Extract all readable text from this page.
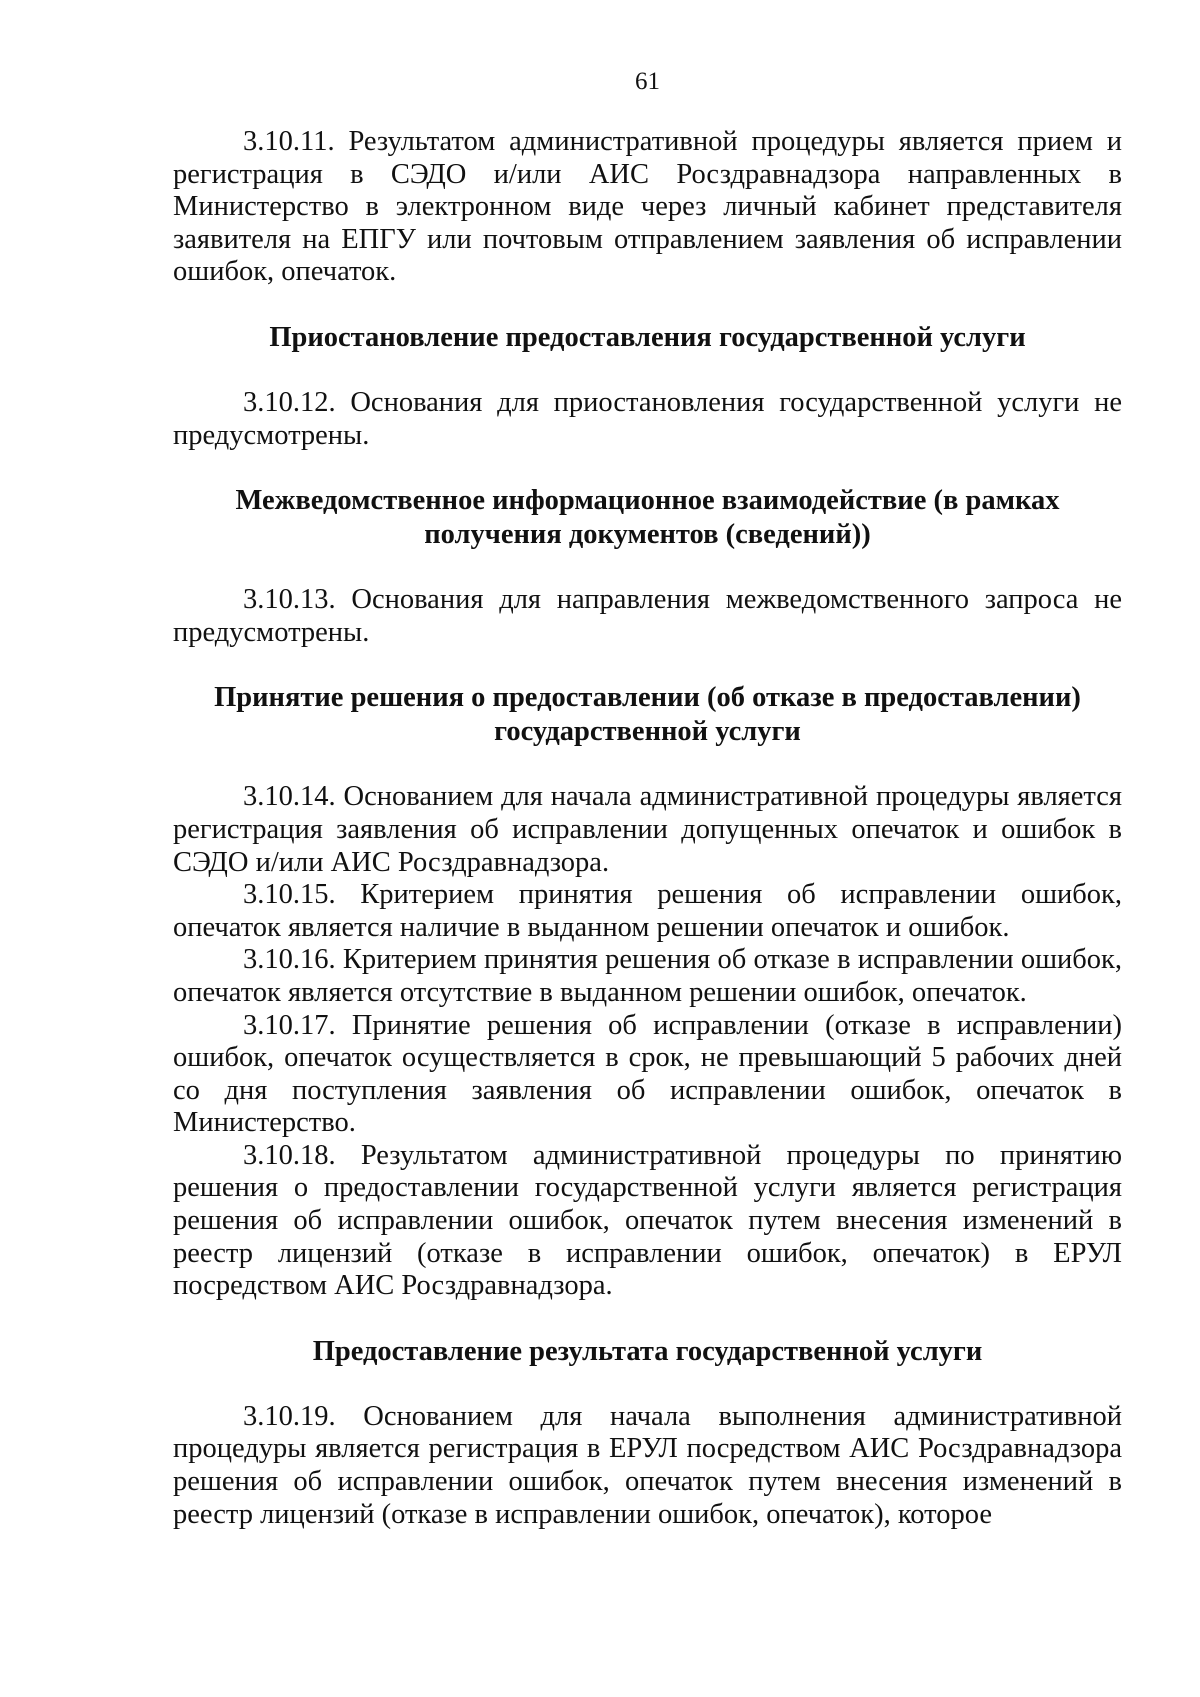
61

3.10.11. Результатом административной процедуры является прием и регистрация в СЭДО и/или АИС Росздравнадзора направленных в Министерство в электронном виде через личный кабинет представителя заявителя на ЕПГУ или почтовым отправлением заявления об исправлении ошибок, опечаток.

Приостановление предоставления государственной услуги

3.10.12. Основания для приостановления государственной услуги не предусмотрены.

Межведомственное информационное взаимодействие (в рамках получения документов (сведений))

3.10.13. Основания для направления межведомственного запроса не предусмотрены.

Принятие решения о предоставлении (об отказе в предоставлении) государственной услуги

3.10.14. Основанием для начала административной процедуры является регистрация заявления об исправлении допущенных опечаток и ошибок в СЭДО и/или АИС Росздравнадзора.

3.10.15. Критерием принятия решения об исправлении ошибок, опечаток является наличие в выданном решении опечаток и ошибок.

3.10.16. Критерием принятия решения об отказе в исправлении ошибок, опечаток является отсутствие в выданном решении ошибок, опечаток.

3.10.17. Принятие решения об исправлении (отказе в исправлении) ошибок, опечаток осуществляется в срок, не превышающий 5 рабочих дней со дня поступления заявления об исправлении ошибок, опечаток в Министерство.

3.10.18. Результатом административной процедуры по принятию решения о предоставлении государственной услуги является регистрация решения об исправлении ошибок, опечаток путем внесения изменений в реестр лицензий (отказе в исправлении ошибок, опечаток) в ЕРУЛ посредством АИС Росздравнадзора.

Предоставление результата государственной услуги

3.10.19. Основанием для начала выполнения административной процедуры является регистрация в ЕРУЛ посредством АИС Росздравнадзора решения об исправлении ошибок, опечаток путем внесения изменений в реестр лицензий (отказе в исправлении ошибок, опечаток), которое
